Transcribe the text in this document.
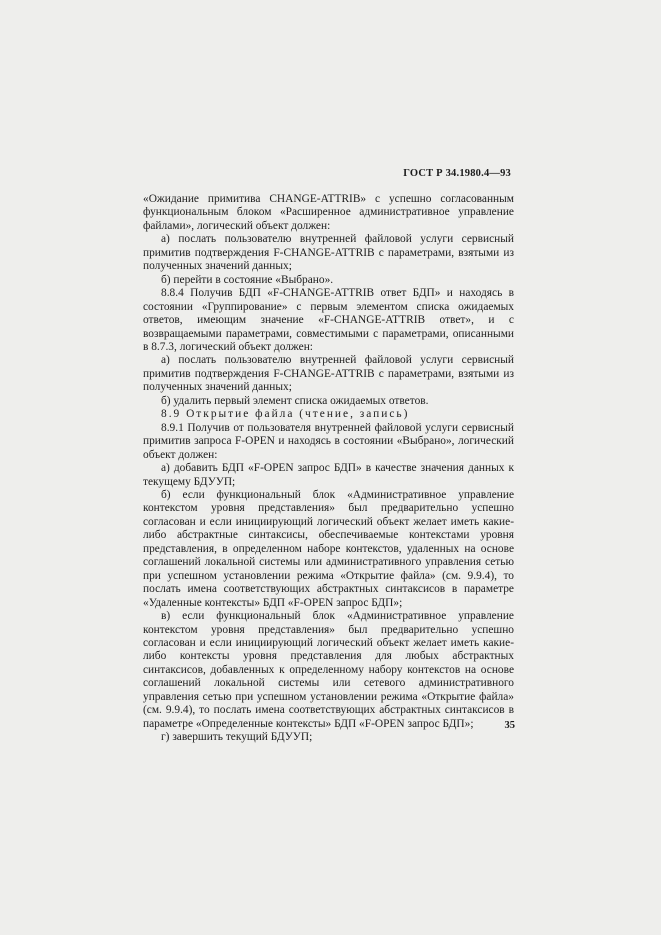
ГОСТ Р 34.1980.4—93

«Ожидание примитива CHANGE-ATTRIB» с успешно согласованным функциональным блоком «Расширенное административное управление файлами», логический объект должен:

а) послать пользователю внутренней файловой услуги сервисный примитив подтверждения F-CHANGE-ATTRIB с параметрами, взятыми из полученных значений данных;

б) перейти в состояние «Выбрано».

8.8.4 Получив БДП «F-CHANGE-ATTRIB ответ БДП» и находясь в состоянии «Группирование» с первым элементом списка ожидаемых ответов, имеющим значение «F-CHANGE-ATTRIB ответ», и с возвращаемыми параметрами, совместимыми с параметрами, описанными в 8.7.3, логический объект должен:

а) послать пользователю внутренней файловой услуги сервисный примитив подтверждения F-CHANGE-ATTRIB с параметрами, взятыми из полученных значений данных;

б) удалить первый элемент списка ожидаемых ответов.

8.9 Открытие файла (чтение, запись)

8.9.1 Получив от пользователя внутренней файловой услуги сервисный примитив запроса F-OPEN и находясь в состоянии «Выбрано», логический объект должен:

а) добавить БДП «F-OPEN запрос БДП» в качестве значения данных к текущему БДУУП;

б) если функциональный блок «Административное управление контекстом уровня представления» был предварительно успешно согласован и если инициирующий логический объект желает иметь какие-либо абстрактные синтаксисы, обеспечиваемые контекстами уровня представления, в определенном наборе контекстов, удаленных на основе соглашений локальной системы или административного управления сетью при успешном установлении режима «Открытие файла» (см. 9.9.4), то послать имена соответствующих абстрактных синтаксисов в параметре «Удаленные контексты» БДП «F-OPEN запрос БДП»;

в) если функциональный блок «Административное управление контекстом уровня представления» был предварительно успешно согласован и если инициирующий логический объект желает иметь какие-либо контексты уровня представления для любых абстрактных синтаксисов, добавленных к определенному набору контекстов на основе соглашений локальной системы или сетевого административного управления сетью при успешном установлении режима «Открытие файла» (см. 9.9.4), то послать имена соответствующих абстрактных синтаксисов в параметре «Определенные контексты» БДП «F-OPEN запрос БДП»;

г) завершить текущий БДУУП;

35
